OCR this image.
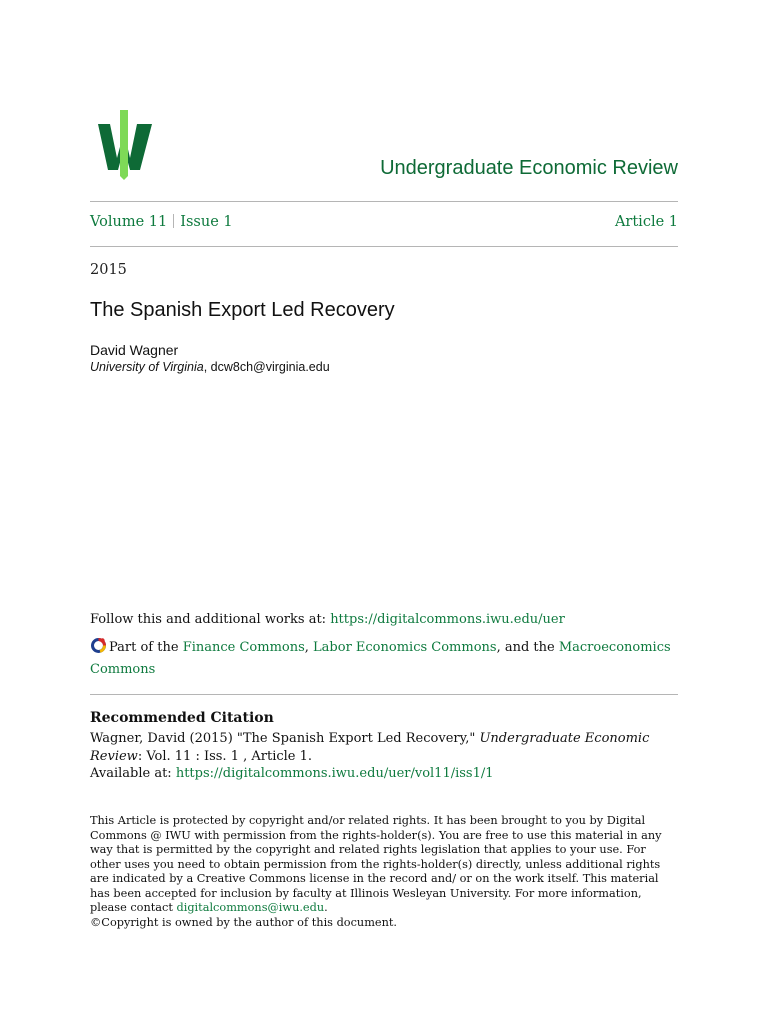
Undergraduate Economic Review
Volume 11 Issue 1	Article 1
2015
The Spanish Export Led Recovery
David Wagner
University of Virginia, dcw8ch@virginia.edu
Follow this and additional works at: https://digitalcommons.iwu.edu/uer
Part of the Finance Commons, Labor Economics Commons, and the Macroeconomics Commons
Recommended Citation
Wagner, David (2015) "The Spanish Export Led Recovery," Undergraduate Economic Review: Vol. 11 : Iss. 1 , Article 1.
Available at: https://digitalcommons.iwu.edu/uer/vol11/iss1/1
This Article is protected by copyright and/or related rights. It has been brought to you by Digital Commons @ IWU with permission from the rights-holder(s). You are free to use this material in any way that is permitted by the copyright and related rights legislation that applies to your use. For other uses you need to obtain permission from the rights-holder(s) directly, unless additional rights are indicated by a Creative Commons license in the record and/ or on the work itself. This material has been accepted for inclusion by faculty at Illinois Wesleyan University. For more information, please contact digitalcommons@iwu.edu.
©Copyright is owned by the author of this document.
